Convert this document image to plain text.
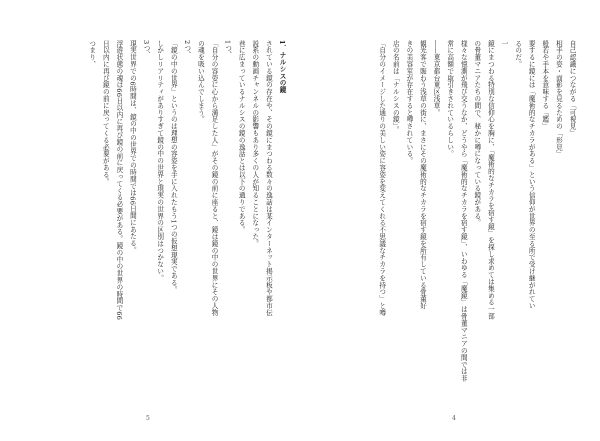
1．ナルシスの鏡
されている鏡の存在や、その鏡にまつわる数々の逸話は某インターネット掲示板や都市伝
説系の動画チャンネルの影響もあり多くの人が知ることになった。
巷に広まっているナルシスの鏡の逸話とは以下の通りである。
1つ、
「自分の容姿に心から満足した人」がその鏡の前に座ると、鏡は鏡の中の世界にその人物
の魂を吸い込んでしまう。
2つ、
「鏡の中の世界」というのは理想の容姿を手に入れたもう1つの仮想現実である。
しかしリアリティがありすぎて鏡の中の世界と現実の世界の区別はつかない。
3つ、
現実世界での6時間は、鏡の中の世界での時間では66日間にあたる。
浮遊状態の魂は66日以内に再び鏡の前に戻ってくる必要がある。鏡の中の世界の時間で66
日以内に再び鏡の前に戻ってくる必要がある。
つまり、
5
自己認識につながる「可視見」
相手の姿・面影を見るための「形見」
般若や手本を意味する「鑑」
要するに鏡には「魔術的なチカラがある」という信仰が世界の至る所で受け継がれてい
るのだ。
一
鏡にまつわる特別な信仰心を胸に、「魔術的なチカラを宿す鏡」を探し求めては集める一部
の骨董マニアたちの間で、秘かに噂になっている鏡がある。
様々な憶測が飛び交うなか、どうやら「魔術的なチカラを宿す鏡」、いわゆる「魔鏡」は骨董マニアの間では非
常に高額で取引きされているらしい。
――東京都台東区浅草。
観光客で賑わう浅草の街に、まさにその魔術的なチカラを宿す鏡を所有している骨董好
きの美容室が存在すると噂されている。
店の名前は「ナルシスの鏡」。
「自分のイメージした通りの美しい姿に容姿を変えてくれる不思議なチカラを持つ」と噂
4
